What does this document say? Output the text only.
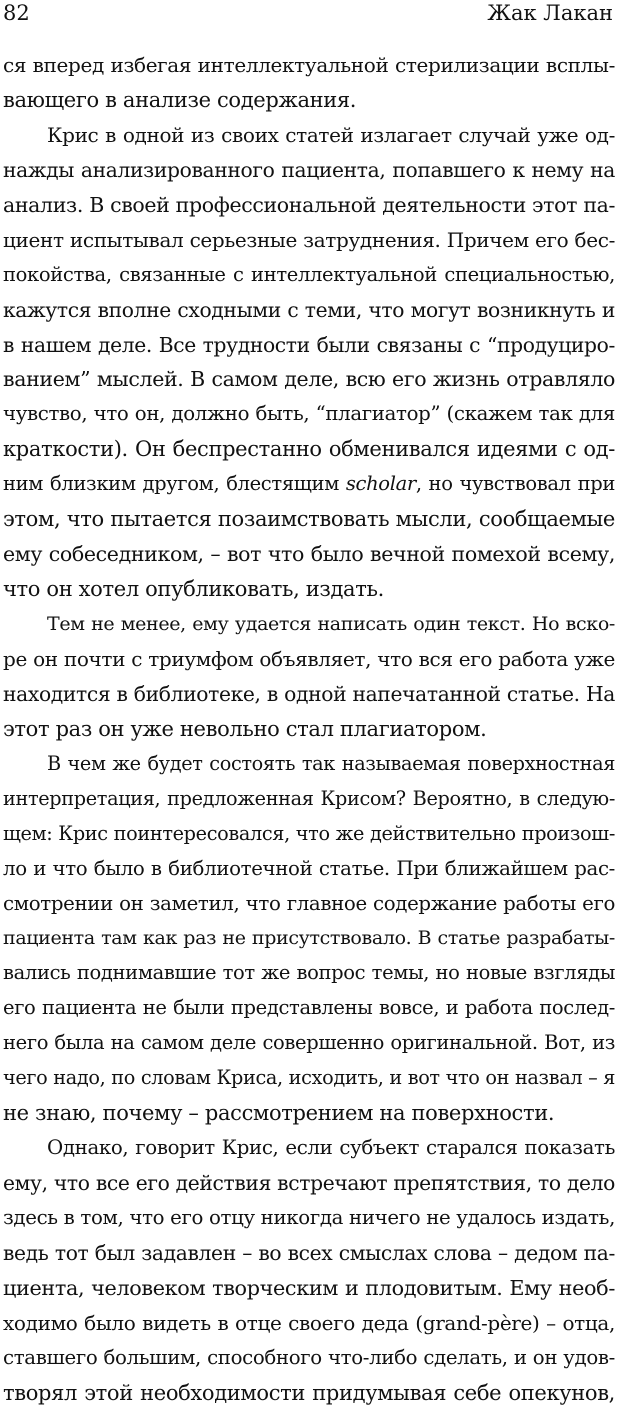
82	Жак Лакан
ся вперед избегая интеллектуальной стерилизации всплы-
вающего в анализе содержания.
Крис в одной из своих статей излагает случай уже од-
нажды анализированного пациента, попавшего к нему на
анализ. В своей профессиональной деятельности этот па-
циент испытывал серьезные затруднения. Причем его бес-
покойства, связанные с интеллектуальной специальностью,
кажутся вполне сходными с теми, что могут возникнуть и
в нашем деле. Все трудности были связаны с “продуциро-
ванием” мыслей. В самом деле, всю его жизнь отравляло
чувство, что он, должно быть, “плагиатор” (скажем так для
краткости). Он беспрестанно обменивался идеями с од-
ним близким другом, блестящим scholar, но чувствовал при
этом, что пытается позаимствовать мысли, сообщаемые
ему собеседником, – вот что было вечной помехой всему,
что он хотел опубликовать, издать.
Тем не менее, ему удается написать один текст. Но вско-
ре он почти с триумфом объявляет, что вся его работа уже
находится в библиотеке, в одной напечатанной статье. На
этот раз он уже невольно стал плагиатором.
В чем же будет состоять так называемая поверхностная
интерпретация, предложенная Крисом? Вероятно, в следую-
щем: Крис поинтересовался, что же действительно произош-
ло и что было в библиотечной статье. При ближайшем рас-
смотрении он заметил, что главное содержание работы его
пациента там как раз не присутствовало. В статье разрабаты-
вались поднимавшие тот же вопрос темы, но новые взгляды
его пациента не были представлены вовсе, и работа послед-
него была на самом деле совершенно оригинальной. Вот, из
чего надо, по словам Криса, исходить, и вот что он назвал – я
не знаю, почему – рассмотрением на поверхности.
Однако, говорит Крис, если субъект старался показать
ему, что все его действия встречают препятствия, то дело
здесь в том, что его отцу никогда ничего не удалось издать,
ведь тот был задавлен – во всех смыслах слова – дедом па-
циента, человеком творческим и плодовитым. Ему необ-
ходимо было видеть в отце своего деда (grand-père) – отца,
ставшего большим, способного что-либо сделать, и он удов-
творял этой необходимости придумывая себе опекунов,
